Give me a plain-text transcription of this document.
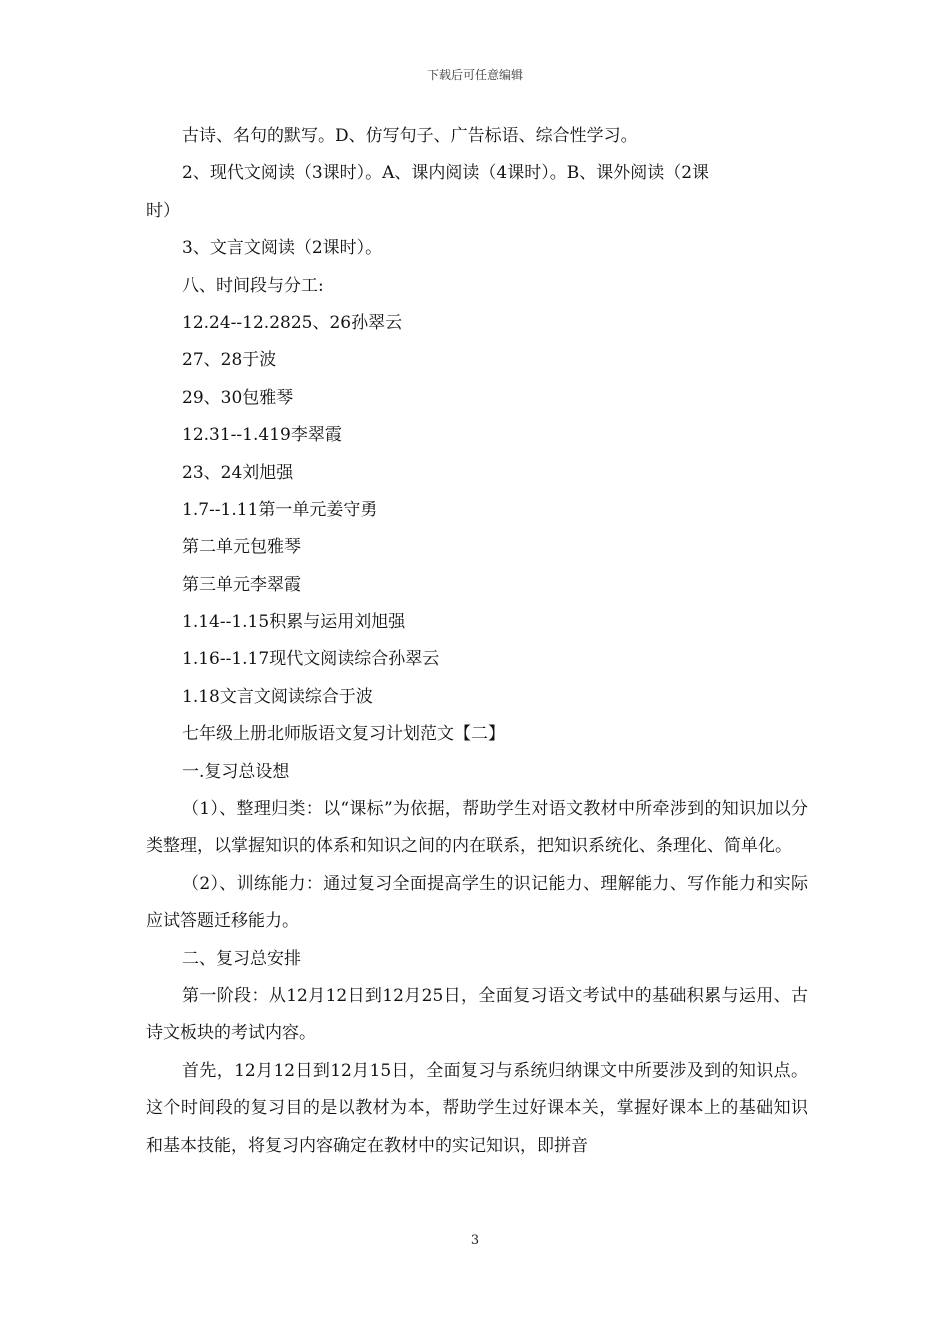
下载后可任意编辑
古诗、名句的默写。D、仿写句子、广告标语、综合性学习。
2、现代文阅读（3课时）。A、课内阅读（4课时）。B、课外阅读（2课
时）
3、文言文阅读（2课时）。
八、时间段与分工:
12.24--12.2825、26孙翠云
27、28于波
29、30包雅琴
12.31--1.419李翠霞
23、24刘旭强
1.7--1.11第一单元姜守勇
第二单元包雅琴
第三单元李翠霞
1.14--1.15积累与运用刘旭强
1.16--1.17现代文阅读综合孙翠云
1.18文言文阅读综合于波
七年级上册北师版语文复习计划范文【二】
一.复习总设想
（1）、整理归类：以“课标”为依据，帮助学生对语文教材中所牵涉到的知识加以分类整理，以掌握知识的体系和知识之间的内在联系，把知识系统化、条理化、简单化。
（2）、训练能力：通过复习全面提高学生的识记能力、理解能力、写作能力和实际应试答题迁移能力。
二、复习总安排
第一阶段：从12月12日到12月25日，全面复习语文考试中的基础积累与运用、古诗文板块的考试内容。
首先，12月12日到12月15日，全面复习与系统归纳课文中所要涉及到的知识点。这个时间段的复习目的是以教材为本，帮助学生过好课本关，掌握好课本上的基础知识和基本技能，将复习内容确定在教材中的实记知识，即拼音
3
